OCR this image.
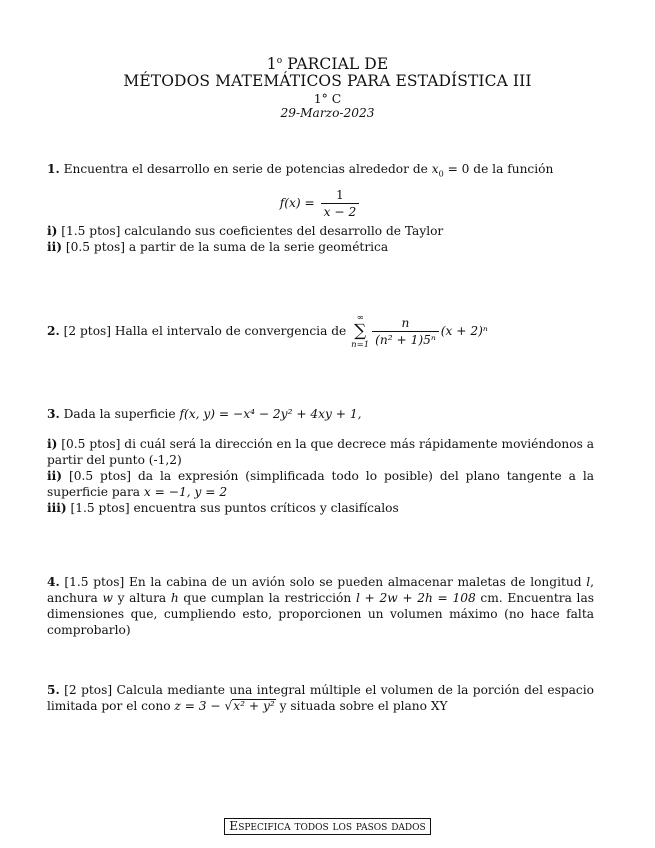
1$^o$ PARCIAL DE
MÉTODOS MATEMÁTICOS PARA ESTADÍSTICA III
1° C
29-Marzo-2023
1. Encuentra el desarrollo en serie de potencias alrededor de $x_0 = 0$ de la función
$f(x) = \frac{1}{x - 2}$
i) [1.5 ptos] calculando sus coeficientes del desarrollo de Taylor
ii) [0.5 ptos] a partir de la suma de la serie geométrica
2. [2 ptos] Halla el intervalo de convergencia de
∞
∑
$n=1 \frac{n}{\text{(n² + 1)5ⁿ}} (x + 2)^n$
3. Dada la superficie f(x, y) = −x⁴ − 2y² + 4xy + 1,
i) [0.5 ptos] di cuál será la dirección en la que decrece más rápidamente moviéndonos a partir del punto (-1,2)
ii) [0.5 ptos] da la expresión (simplificada todo lo posible) del plano tangente a la superficie para x = −1, y = 2
iii) [1.5 ptos] encuentra sus puntos críticos y clasifícalos
4. [1.5 ptos] En la cabina de un avión solo se pueden almacenar maletas de longitud l, anchura w y altura h que cumplan la restricción l + 2w + 2h = 108 cm. Encuentra las dimensiones que, cumpliendo esto, proporcionen un volumen máximo (no hace falta comprobarlo)
5. [2 ptos] Calcula mediante una integral múltiple el volumen de la porción del espacio limitada por el cono z = 3 − √x² + y² y situada sobre el plano XY
Especifica todos los pasos dados
